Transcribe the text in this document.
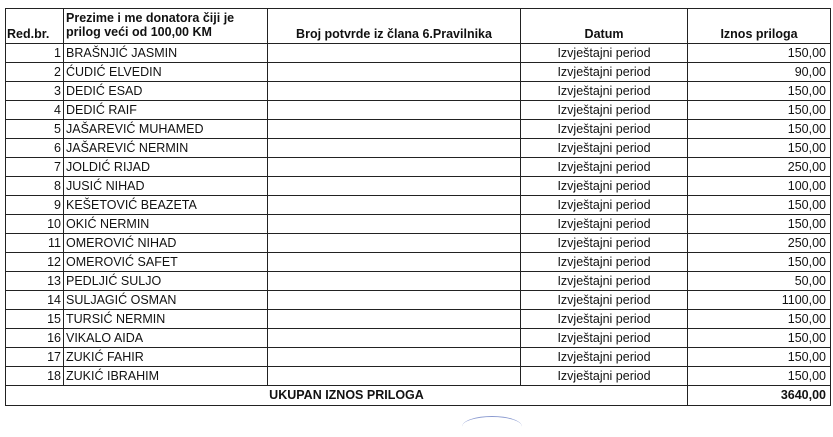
Red.br.	Prezime i me donatora čiji je prilog veći od 100,00 KM	Broj potvrde iz člana 6.Pravilnika	Datum	Iznos priloga
1	BRAŠNJIĆ JASMIN		Izvještajni period	150,00
2	ĆUDIĆ ELVEDIN		Izvještajni period	90,00
3	DEDIĆ ESAD		Izvještajni period	150,00
4	DEDIĆ RAIF		Izvještajni period	150,00
5	JAŠAREVIĆ MUHAMED		Izvještajni period	150,00
6	JAŠAREVIĆ NERMIN		Izvještajni period	150,00
7	JOLDIĆ RIJAD		Izvještajni period	250,00
8	JUSIĆ NIHAD		Izvještajni period	100,00
9	KEŠETOVIĆ BEAZETA		Izvještajni period	150,00
10	OKIĆ NERMIN		Izvještajni period	150,00
11	OMEROVIĆ NIHAD		Izvještajni period	250,00
12	OMEROVIĆ SAFET		Izvještajni period	150,00
13	PEDLJIĆ SULJO		Izvještajni period	50,00
14	SULJAGIĆ OSMAN		Izvještajni period	1100,00
15	TURSIĆ NERMIN		Izvještajni period	150,00
16	VIKALO AIDA		Izvještajni period	150,00
17	ZUKIĆ FAHIR		Izvještajni period	150,00
18	ZUKIĆ IBRAHIM		Izvještajni period	150,00
UKUPAN IZNOS PRILOGA				3640,00
